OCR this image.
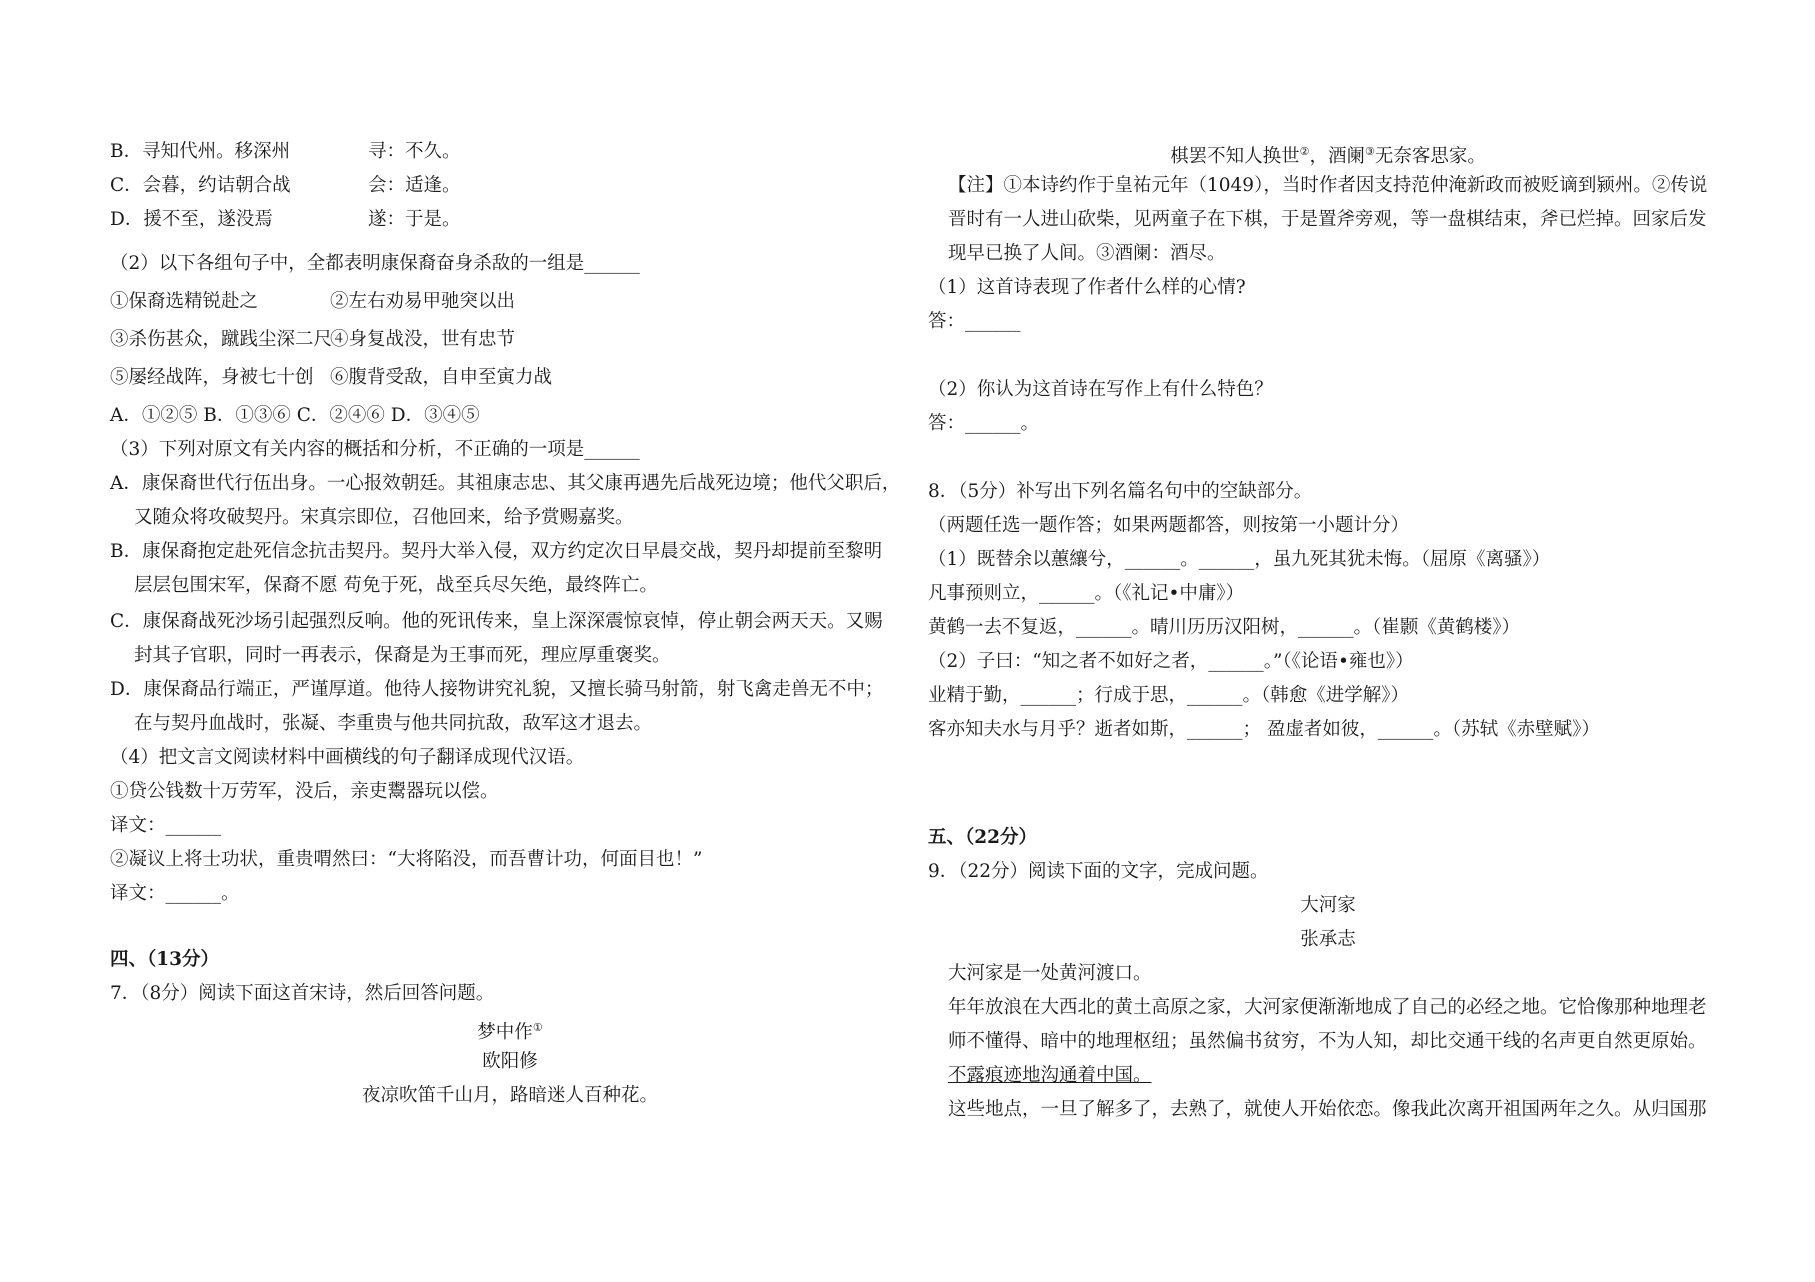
B．寻知代州。移深州	寻：不久。
C．会暮，约诘朝合战	会：适逢。
D．援不至，遂没焉	遂：于是。
（2）以下各组句子中，全都表明康保裔奋身杀敌的一组是______
①保裔选精锐赴之	②左右劝易甲驰突以出
③杀伤甚众，蹴践尘深二尺
④身复战没，世有忠节
⑤屡经战阵，身被七十创 ⑥腹背受敌，自申至寅力战
A．①②⑤ B．①③⑥ C．②④⑥ D．③④⑤
（3）下列对原文有关内容的概括和分析，不正确的一项是______
A．康保裔世代行伍出身。一心报效朝廷。其祖康志忠、其父康再遇先后战死边境；他代父职后，
又随众将攻破契丹。宋真宗即位，召他回来，给予赏赐嘉奖。
B．康保裔抱定赴死信念抗击契丹。契丹大举入侵，双方约定次日早晨交战，契丹却提前至黎明
层层包围宋军，保裔不愿 苟免于死，战至兵尽矢绝，最终阵亡。
C．康保裔战死沙场引起强烈反响。他的死讯传来，皇上深深震惊哀悼，停止朝会两天天。又赐
封其子官职，同时一再表示，保裔是为王事而死，理应厚重褒奖。
D．康保裔品行端正，严谨厚道。他待人接物讲究礼貌，又擅长骑马射箭，射飞禽走兽无不中；
在与契丹血战时，张凝、李重贵与他共同抗敌，敌军这才退去。
（4）把文言文阅读材料中画横线的句子翻译成现代汉语。
①贷公钱数十万劳军，没后，亲吏鬻器玩以偿。
译文：______
②凝议上将士功状，重贵喟然曰：“大将陷没，而吾曹计功，何面目也！”
译文：______。
四、（13分）
7．（8分）阅读下面这首宋诗，然后回答问题。
梦中作①
欧阳修
夜凉吹笛千山月，路暗迷人百种花。
棋罢不知人换世②，酒阑③无奈客思家。
【注】①本诗约作于皇祐元年（1049），当时作者因支持范仲淹新政而被贬谪到颍州。②传说
晋时有一人进山砍柴，见两童子在下棋，于是置斧旁观，等一盘棋结束，斧已烂掉。回家后发
现早已换了人间。③酒阑：酒尽。
（1）这首诗表现了作者什么样的心情?
答：______
（2）你认为这首诗在写作上有什么特色？
答：______。
8．（5分）补写出下列名篇名句中的空缺部分。
（两题任选一题作答；如果两题都答，则按第一小题计分）
（1）既替余以蕙纕兮，______。______，虽九死其犹未悔。（屈原《离骚》）
凡事预则立，______。（《礼记•中庸》）
黄鹤一去不复返，______。晴川历历汉阳树，______。（崔颢《黄鹤楼》）
（2）子曰：“知之者不如好之者，______。”（《论语•雍也》）
业精于勤，______；行成于思，______。（韩愈《进学解》）
客亦知夫水与月乎？逝者如斯，______； 盈虚者如彼，______。（苏轼《赤壁赋》）
五、（22分）
9．（22分）阅读下面的文字，完成问题。
大河家
张承志
大河家是一处黄河渡口。
年年放浪在大西北的黄土高原之家，大河家便渐渐地成了自己的必经之地。它恰像那种地理老
师不懂得、暗中的地理枢纽；虽然偏书贫穷，不为人知，却比交通干线的名声更自然更原始。
不露痕迹地沟通着中国。
这些地点，一旦了解多了，去熟了，就使人开始依恋。像我此次离开祖国两年之久。从归国那
